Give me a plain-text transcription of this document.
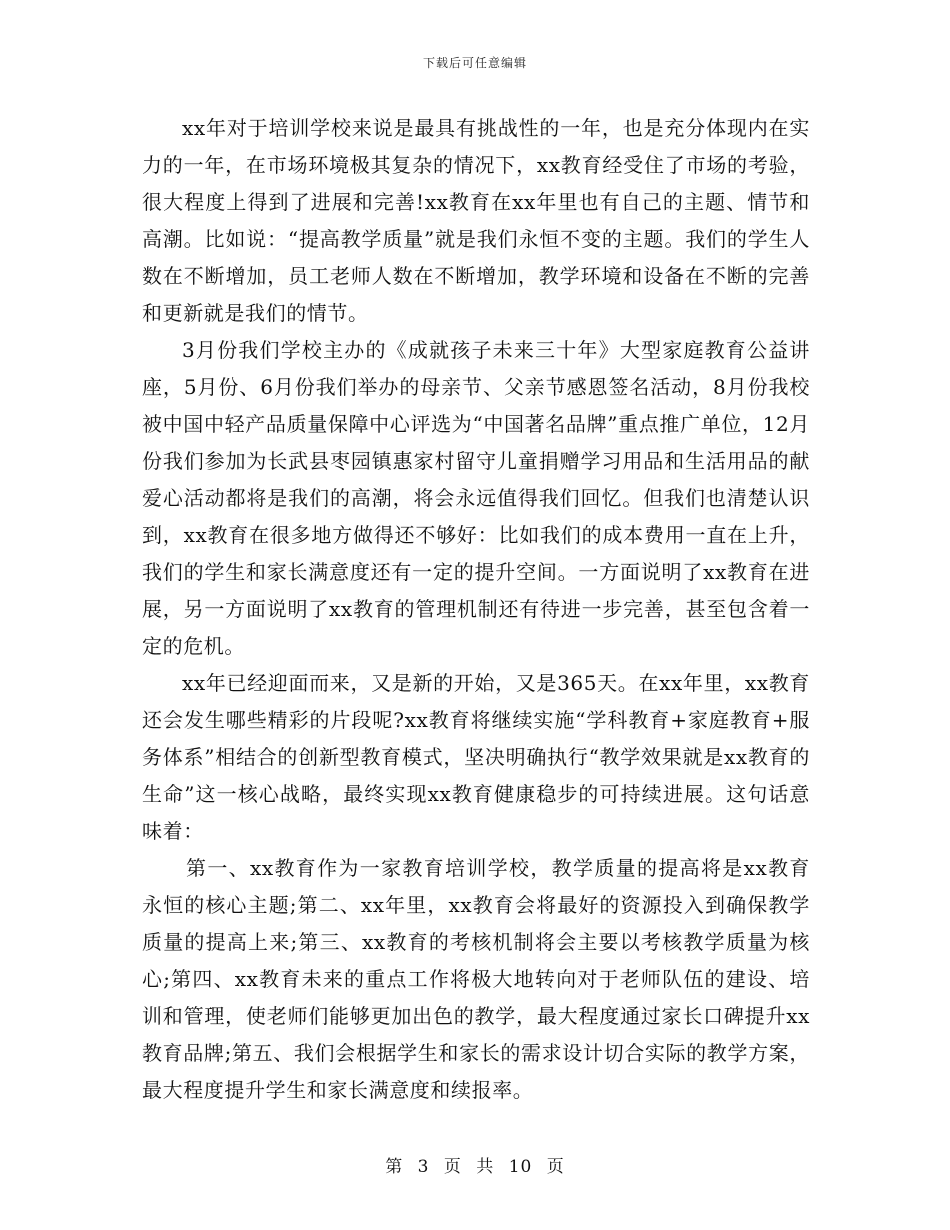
下载后可任意编辑

xx年对于培训学校来说是最具有挑战性的一年，也是充分体现内在实力的一年，在市场环境极其复杂的情况下，xx教育经受住了市场的考验，很大程度上得到了进展和完善!xx教育在xx年里也有自己的主题、情节和高潮。比如说：“提高教学质量”就是我们永恒不变的主题。我们的学生人数在不断增加，员工老师人数在不断增加，教学环境和设备在不断的完善和更新就是我们的情节。

3月份我们学校主办的《成就孩子未来三十年》大型家庭教育公益讲座，5月份、6月份我们举办的母亲节、父亲节感恩签名活动，8月份我校被中国中轻产品质量保障中心评选为“中国著名品牌”重点推广单位，12月份我们参加为长武县枣园镇惠家村留守儿童捐赠学习用品和生活用品的献爱心活动都将是我们的高潮，将会永远值得我们回忆。但我们也清楚认识到，xx教育在很多地方做得还不够好：比如我们的成本费用一直在上升，我们的学生和家长满意度还有一定的提升空间。一方面说明了xx教育在进展，另一方面说明了xx教育的管理机制还有待进一步完善，甚至包含着一定的危机。

xx年已经迎面而来，又是新的开始，又是365天。在xx年里，xx教育还会发生哪些精彩的片段呢?xx教育将继续实施“学科教育+家庭教育+服务体系”相结合的创新型教育模式，坚决明确执行“教学效果就是xx教育的生命”这一核心战略，最终实现xx教育健康稳步的可持续进展。这句话意味着：

第一、xx教育作为一家教育培训学校，教学质量的提高将是xx教育永恒的核心主题;第二、xx年里，xx教育会将最好的资源投入到确保教学质量的提高上来;第三、xx教育的考核机制将会主要以考核教学质量为核心;第四、xx教育未来的重点工作将极大地转向对于老师队伍的建设、培训和管理，使老师们能够更加出色的教学，最大程度通过家长口碑提升xx教育品牌;第五、我们会根据学生和家长的需求设计切合实际的教学方案，最大程度提升学生和家长满意度和续报率。

第 3 页 共 10 页
